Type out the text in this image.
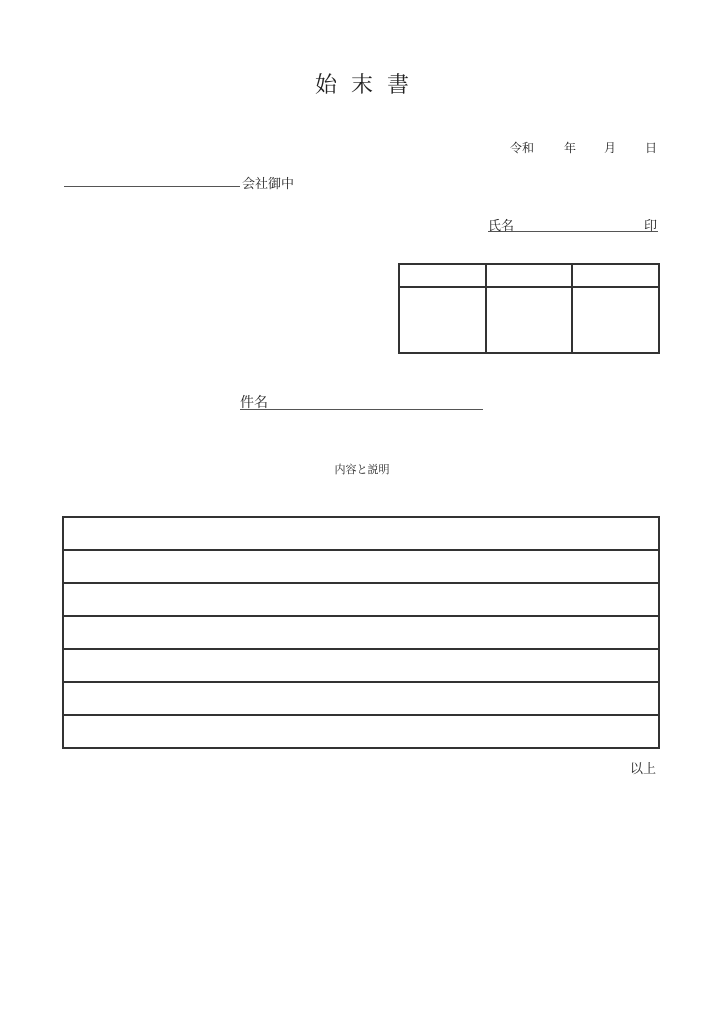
始末書
令和 年 月 日
会社御中
氏名	印

件名
内容と説明

以上
